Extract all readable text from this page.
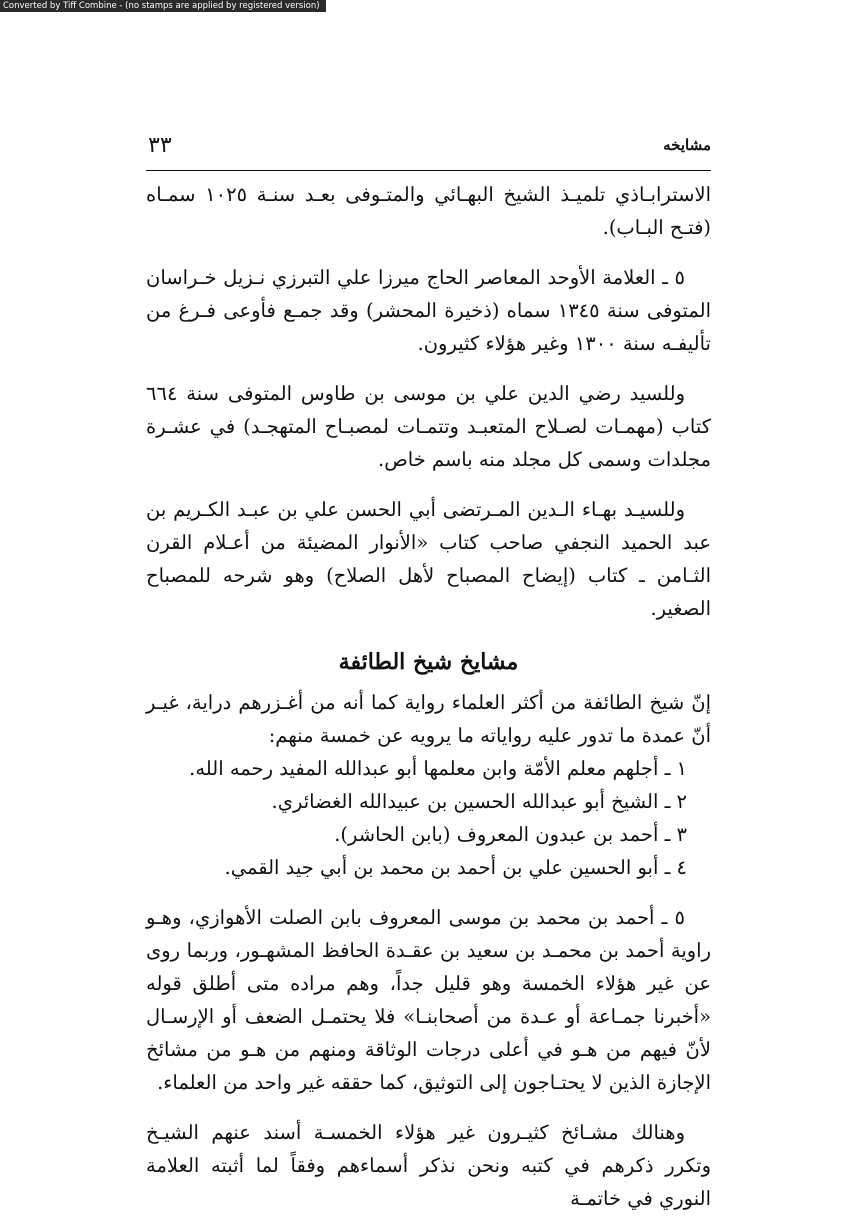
Converted by Tiff Combine - (no stamps are applied by registered version)
٣٣	مشايخه

الاسترابـاذي تلميـذ الشيخ البهـائي والمتـوفى بعـد سنـة ١٠٢٥ سمـاه (فتـح البـاب).

٥ ـ العلامة الأوحد المعاصر الحاج ميرزا علي التبرزي نـزيل خـراسان المتوفى سنة ١٣٤٥ سماه (ذخيرة المحشر) وقد جمـع فأوعى فـرغ من تأليفـه سنة ١٣٠٠ وغير هؤلاء كثيرون.

وللسيد رضي الدين علي بن موسى بن طاوس المتوفى سنة ٦٦٤ كتاب (مهمـات لصـلاح المتعبـد وتتمـات لمصبـاح المتهجـد) في عشـرة مجلدات وسمى كل مجلد منه باسم خاص.

وللسيـد بهـاء الـدين المـرتضى أبي الحسن علي بن عبـد الكـريم بن عبد الحميد النجفي صاحب كتاب «الأنوار المضيئة من أعـلام القرن الثـامن ـ كتاب (إيضاح المصباح لأهل الصلاح) وهو شرحه للمصباح الصغير.

مشايخ شيخ الطائفة

إنّ شيخ الطائفة من أكثر العلماء رواية كما أنه من أغـزرهم دراية، غيـر أنّ عمدة ما تدور عليه رواياته ما يرويه عن خمسة منهم:

١ ـ أجلهم معلم الأمّة وابن معلمها أبو عبدالله المفيد رحمه الله.
٢ ـ الشيخ أبو عبدالله الحسين بن عبيدالله الغضائري.
٣ ـ أحمد بن عبدون المعروف (بابن الحاشر).
٤ ـ أبو الحسين علي بن أحمد بن محمد بن أبي جيد القمي.

٥ ـ أحمد بن محمد بن موسى المعروف بابن الصلت الأهوازي، وهـو راوية أحمد بن محمـد بن سعيد بن عقـدة الحافظ المشهـور، وربما روى عن غير هؤلاء الخمسة وهو قليل جداً، وهم مراده متى أطلق قوله «أخبرنا جمـاعة أو عـدة من أصحابنـا» فلا يحتمـل الضعف أو الإرسـال لأنّ فيهم من هـو في أعلى درجات الوثاقة ومنهم من هـو من مشائخ الإجازة الذين لا يحتـاجون إلى التوثيق، كما حققه غير واحد من العلماء.

وهنالك مشـائخ كثيـرون غير هؤلاء الخمسـة أسند عنهم الشيـخ وتكرر ذكرهم في كتبه ونحن نذكر أسماءهم وفقاً لما أثبته العلامة النوري في خاتمـة
